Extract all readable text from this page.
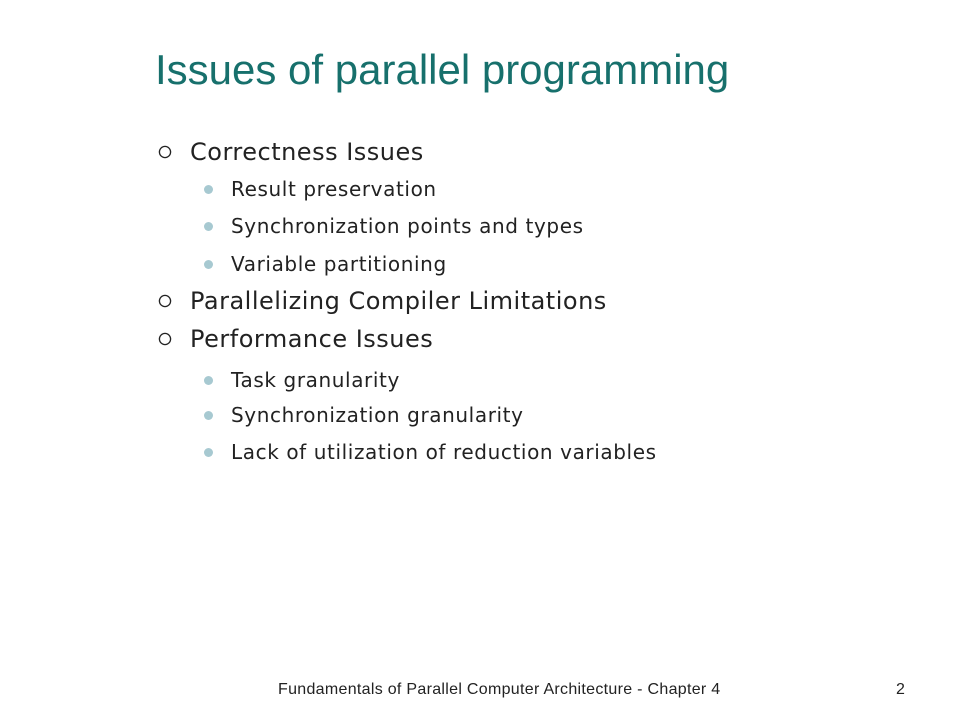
Issues of parallel programming
Correctness Issues
Result preservation
Synchronization points and types
Variable partitioning
Parallelizing Compiler Limitations
Performance Issues
Task granularity
Synchronization granularity
Lack of utilization of reduction variables
Fundamentals of Parallel Computer Architecture - Chapter 4	2
